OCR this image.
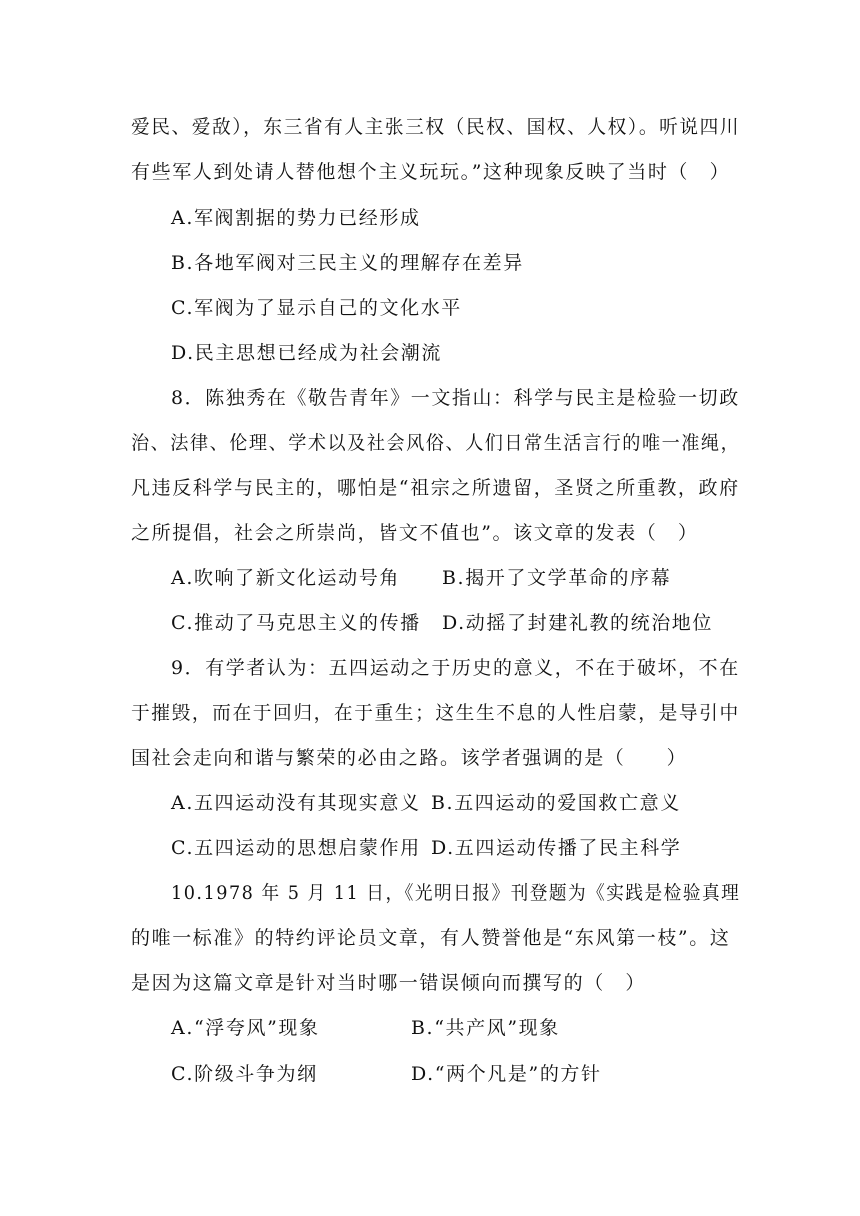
爱民、爱敌），东三省有人主张三权（民权、国权、人权）。听说四川
有些军人到处请人替他想个主义玩玩。”这种现象反映了当时（　）
A.军阀割据的势力已经形成
B.各地军阀对三民主义的理解存在差异
C.军阀为了显示自己的文化水平
D.民主思想已经成为社会潮流
8．陈独秀在《敬告青年》一文指山：科学与民主是检验一切政
治、法律、伦理、学术以及社会风俗、人们日常生活言行的唯一准绳，
凡违反科学与民主的，哪怕是“祖宗之所遗留，圣贤之所重教，政府
之所提倡，社会之所崇尚，皆文不值也”。该文章的发表（　）
A.吹响了新文化运动号角 B.揭开了文学革命的序幕
C.推动了马克思主义的传播 D.动摇了封建礼教的统治地位
9．有学者认为：五四运动之于历史的意义，不在于破坏，不在
于摧毁，而在于回归，在于重生；这生生不息的人性启蒙，是导引中
国社会走向和谐与繁荣的必由之路。该学者强调的是（　　）
A.五四运动没有其现实意义 B.五四运动的爱国救亡意义
C.五四运动的思想启蒙作用 D.五四运动传播了民主科学
10.1978 年 5 月 11 日，《光明日报》刊登题为《实践是检验真理
的唯一标准》的特约评论员文章，有人赞誉他是“东风第一枝”。这
是因为这篇文章是针对当时哪一错误倾向而撰写的（　）
A.“浮夸风”现象	B.“共产风”现象
C.阶级斗争为纲	D.“两个凡是”的方针
